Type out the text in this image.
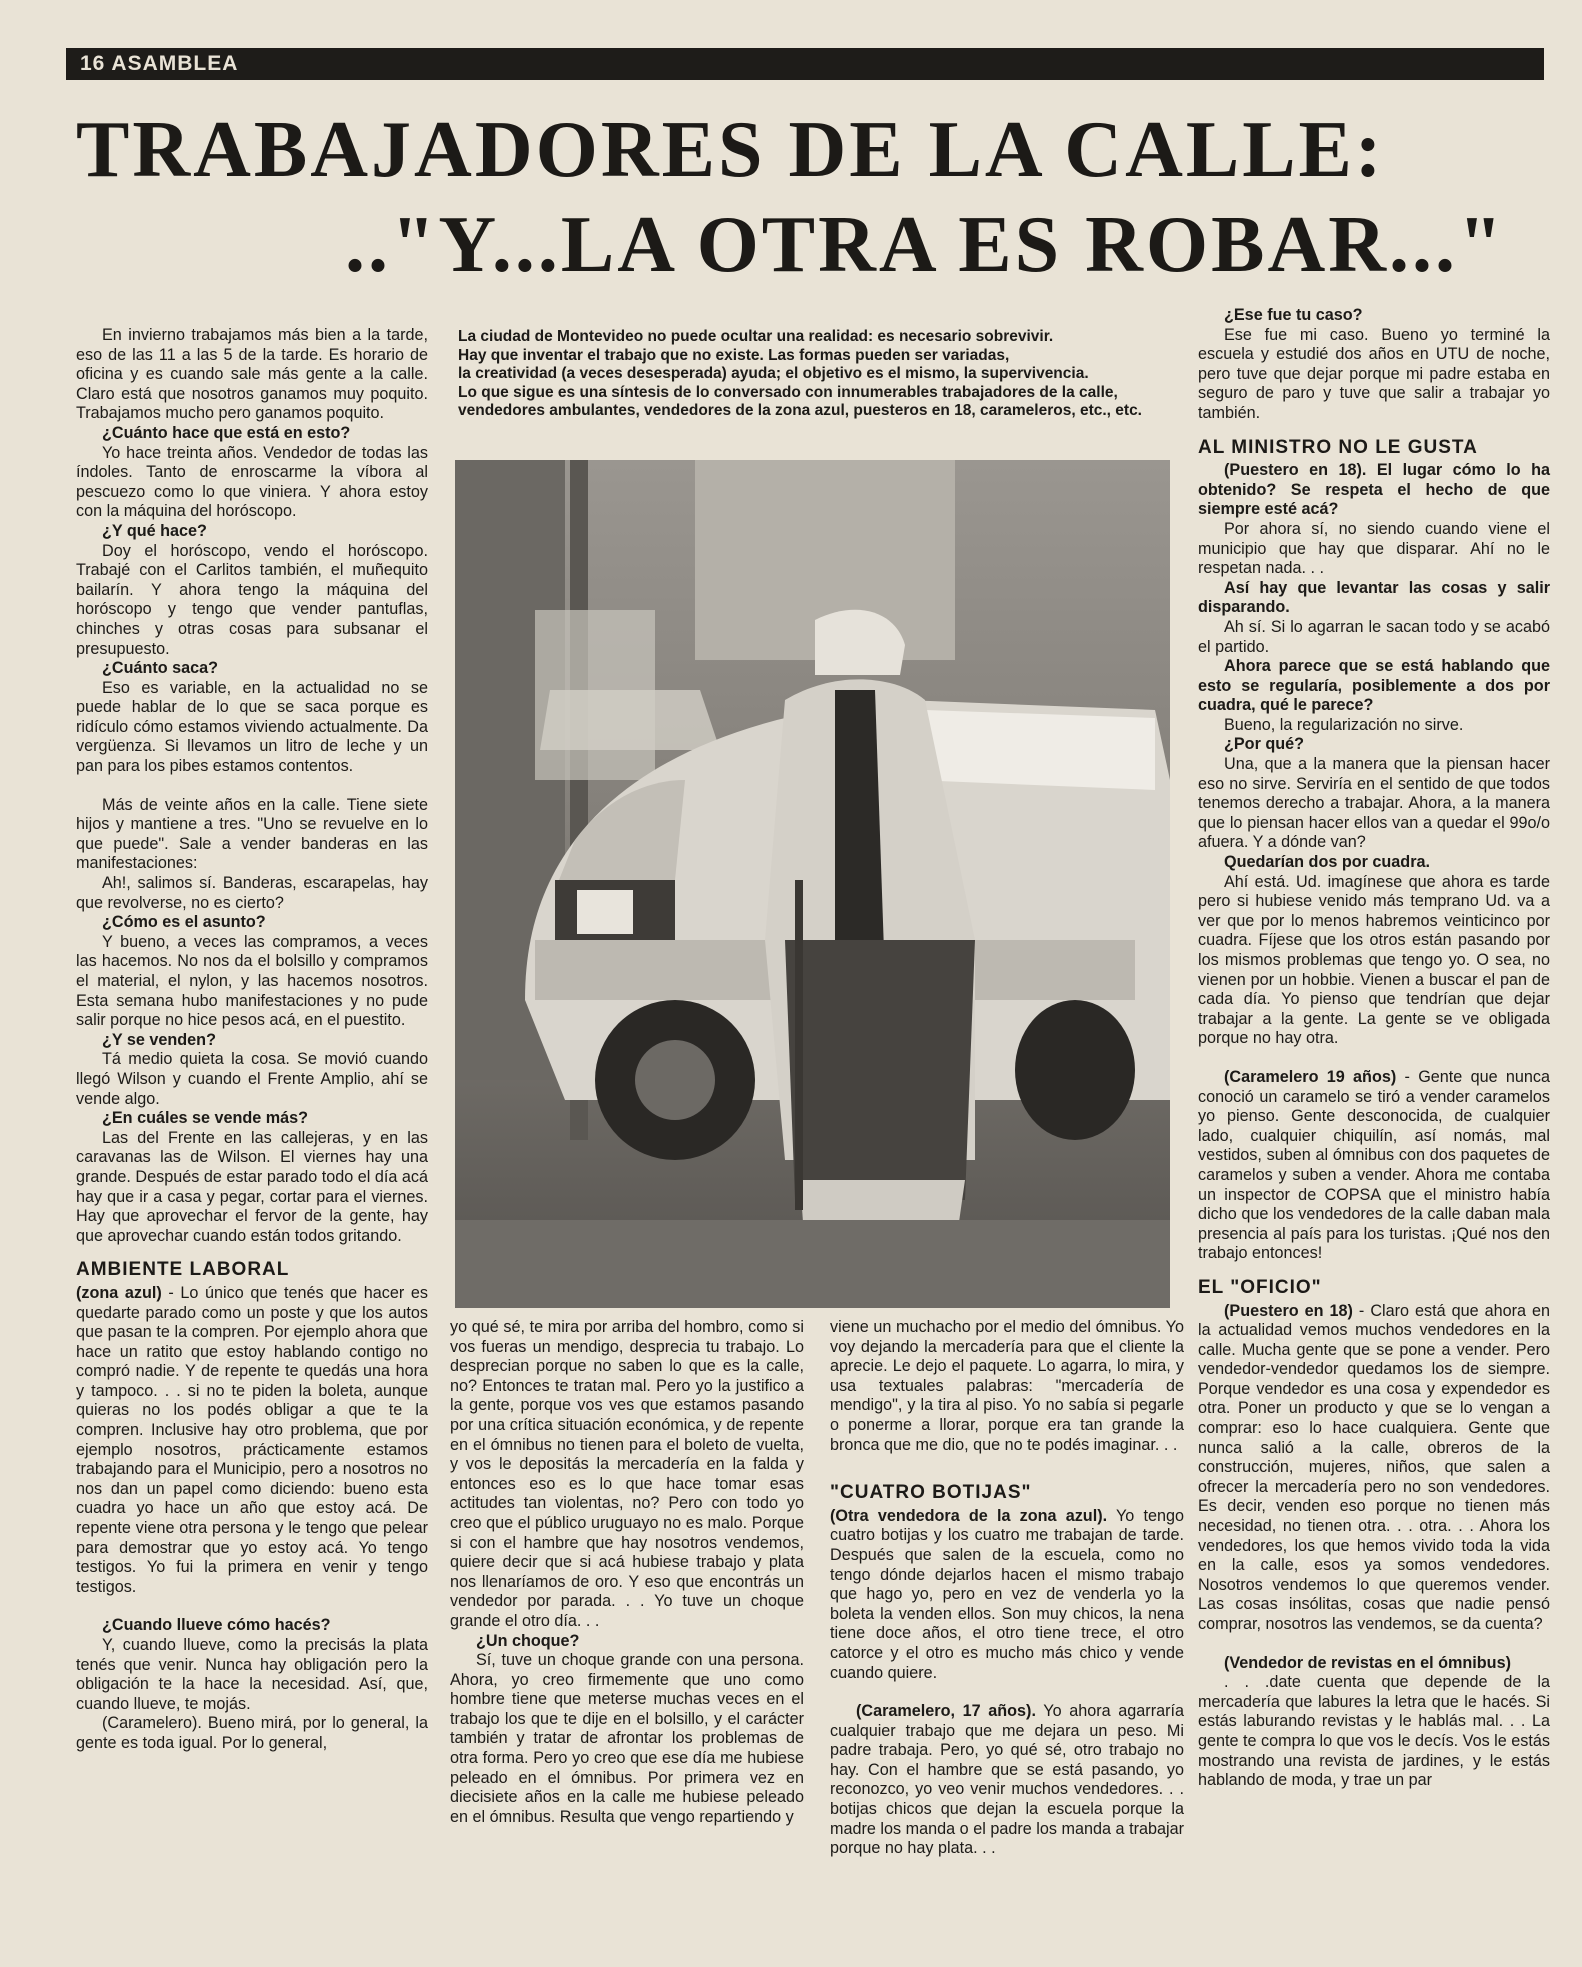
16 ASAMBLEA
TRABAJADORES DE LA CALLE:
.."Y...LA OTRA ES ROBAR..."

La ciudad de Montevideo no puede ocultar una realidad: es necesario sobrevivir.

Hay que inventar el trabajo que no existe. Las formas pueden ser variadas,

la creatividad (a veces desesperada) ayuda; el objetivo es el mismo, la supervivencia.

Lo que sigue es una síntesis de lo conversado con innumerables trabajadores de la calle, vendedores ambulantes, vendedores de la zona azul, puesteros en 18, carameleros, etc., etc.

En invierno trabajamos más bien a la tarde, eso de las 11 a las 5 de la tarde. Es horario de oficina y es cuando sale más gente a la calle. Claro está que nosotros ganamos muy poquito. Trabajamos mucho pero ganamos poquito.

¿Cuánto hace que está en esto?

Yo hace treinta años. Vendedor de todas las índoles. Tanto de enroscarme la víbora al pescuezo como lo que viniera. Y ahora estoy con la máquina del horóscopo.

¿Y qué hace?

Doy el horóscopo, vendo el horóscopo. Trabajé con el Carlitos también, el muñequito bailarín. Y ahora tengo la máquina del horóscopo y tengo que vender pantuflas, chinches y otras cosas para subsanar el presupuesto.

¿Cuánto saca?

Eso es variable, en la actualidad no se puede hablar de lo que se saca porque es ridículo cómo estamos viviendo actualmente. Da vergüenza. Si llevamos un litro de leche y un pan para los pibes estamos contentos.

Más de veinte años en la calle. Tiene siete hijos y mantiene a tres. "Uno se revuelve en lo que puede". Sale a vender banderas en las manifestaciones:

Ah!, salimos sí. Banderas, escarapelas, hay que revolverse, no es cierto?

¿Cómo es el asunto?

Y bueno, a veces las compramos, a veces las hacemos. No nos da el bolsillo y compramos el material, el nylon, y las hacemos nosotros. Esta semana hubo manifestaciones y no pude salir porque no hice pesos acá, en el puestito.

¿Y se venden?

Tá medio quieta la cosa. Se movió cuando llegó Wilson y cuando el Frente Amplio, ahí se vende algo.

¿En cuáles se vende más?

Las del Frente en las callejeras, y en las caravanas las de Wilson. El viernes hay una grande. Después de estar parado todo el día acá hay que ir a casa y pegar, cortar para el viernes. Hay que aprovechar el fervor de la gente, hay que aprovechar cuando están todos gritando.

AMBIENTE LABORAL

(zona azul) - Lo único que tenés que hacer es quedarte parado como un poste y que los autos que pasan te la compren. Por ejemplo ahora que hace un ratito que estoy hablando contigo no compró nadie. Y de repente te quedás una hora y tampoco. . . si no te piden la boleta, aunque quieras no los podés obligar a que te la compren. Inclusive hay otro problema, que por ejemplo nosotros, prácticamente estamos trabajando para el Municipio, pero a nosotros no nos dan un papel como diciendo: bueno esta cuadra yo hace un año que estoy acá. De repente viene otra persona y le tengo que pelear para demostrar que yo estoy acá. Yo tengo testigos. Yo fui la primera en venir y tengo testigos.

¿Cuando llueve cómo hacés?

Y, cuando llueve, como la precisás la plata tenés que venir. Nunca hay obligación pero la obligación te la hace la necesidad. Así, que, cuando llueve, te mojás.

(Caramelero). Bueno mirá, por lo general, la gente es toda igual. Por lo general,

yo qué sé, te mira por arriba del hombro, como si vos fueras un mendigo, desprecia tu trabajo. Lo desprecian porque no saben lo que es la calle, no? Entonces te tratan mal. Pero yo la justifico a la gente, porque vos ves que estamos pasando por una crítica situación económica, y de repente en el ómnibus no tienen para el boleto de vuelta, y vos le depositás la mercadería en la falda y entonces eso es lo que hace tomar esas actitudes tan violentas, no? Pero con todo yo creo que el público uruguayo no es malo. Porque si con el hambre que hay nosotros vendemos, quiere decir que si acá hubiese trabajo y plata nos llenaríamos de oro. Y eso que encontrás un vendedor por parada. . . Yo tuve un choque grande el otro día. . .

¿Un choque?

Sí, tuve un choque grande con una persona. Ahora, yo creo firmemente que uno como hombre tiene que meterse muchas veces en el trabajo los que te dije en el bolsillo, y el carácter también y tratar de afrontar los problemas de otra forma. Pero yo creo que ese día me hubiese peleado en el ómnibus. Por primera vez en diecisiete años en la calle me hubiese peleado en el ómnibus. Resulta que vengo repartiendo y

viene un muchacho por el medio del ómnibus. Yo voy dejando la mercadería para que el cliente la aprecie. Le dejo el paquete. Lo agarra, lo mira, y usa textuales palabras: "mercadería de mendigo", y la tira al piso. Yo no sabía si pegarle o ponerme a llorar, porque era tan grande la bronca que me dio, que no te podés imaginar. . .

"CUATRO BOTIJAS"

(Otra vendedora de la zona azul). Yo tengo cuatro botijas y los cuatro me trabajan de tarde. Después que salen de la escuela, como no tengo dónde dejarlos hacen el mismo trabajo que hago yo, pero en vez de venderla yo la boleta la venden ellos. Son muy chicos, la nena tiene doce años, el otro tiene trece, el otro catorce y el otro es mucho más chico y vende cuando quiere.

(Caramelero, 17 años). Yo ahora agarraría cualquier trabajo que me dejara un peso. Mi padre trabaja. Pero, yo qué sé, otro trabajo no hay. Con el hambre que se está pasando, yo reconozco, yo veo venir muchos vendedores. . . botijas chicos que dejan la escuela porque la madre los manda o el padre los manda a trabajar porque no hay plata. . .

¿Ese fue tu caso?

Ese fue mi caso. Bueno yo terminé la escuela y estudié dos años en UTU de noche, pero tuve que dejar porque mi padre estaba en seguro de paro y tuve que salir a trabajar yo también.

AL MINISTRO NO LE GUSTA

(Puestero en 18). El lugar cómo lo ha obtenido? Se respeta el hecho de que siempre esté acá?

Por ahora sí, no siendo cuando viene el municipio que hay que disparar. Ahí no le respetan nada. . .

Así hay que levantar las cosas y salir disparando.

Ah sí. Si lo agarran le sacan todo y se acabó el partido.

Ahora parece que se está hablando que esto se regularía, posiblemente a dos por cuadra, qué le parece?

Bueno, la regularización no sirve.

¿Por qué?

Una, que a la manera que la piensan hacer eso no sirve. Serviría en el sentido de que todos tenemos derecho a trabajar. Ahora, a la manera que lo piensan hacer ellos van a quedar el 99o/o afuera. Y a dónde van?

Quedarían dos por cuadra.

Ahí está. Ud. imagínese que ahora es tarde pero si hubiese venido más temprano Ud. va a ver que por lo menos habremos veinticinco por cuadra. Fíjese que los otros están pasando por los mismos problemas que tengo yo. O sea, no vienen por un hobbie. Vienen a buscar el pan de cada día. Yo pienso que tendrían que dejar trabajar a la gente. La gente se ve obligada porque no hay otra.

(Caramelero 19 años) - Gente que nunca conoció un caramelo se tiró a vender caramelos yo pienso. Gente desconocida, de cualquier lado, cualquier chiquilín, así nomás, mal vestidos, suben al ómnibus con dos paquetes de caramelos y suben a vender. Ahora me contaba un inspector de COPSA que el ministro había dicho que los vendedores de la calle daban mala presencia al país para los turistas. ¡Qué nos den trabajo entonces!

EL "OFICIO"

(Puestero en 18) - Claro está que ahora en la actualidad vemos muchos vendedores en la calle. Mucha gente que se pone a vender. Pero vendedor-vendedor quedamos los de siempre. Porque vendedor es una cosa y expendedor es otra. Poner un producto y que se lo vengan a comprar: eso lo hace cualquiera. Gente que nunca salió a la calle, obreros de la construcción, mujeres, niños, que salen a ofrecer la mercadería pero no son vendedores. Es decir, venden eso porque no tienen más necesidad, no tienen otra. . . otra. . . Ahora los vendedores, los que hemos vivido toda la vida en la calle, esos ya somos vendedores. Nosotros vendemos lo que queremos vender. Las cosas insólitas, cosas que nadie pensó comprar, nosotros las vendemos, se da cuenta?

(Vendedor de revistas en el ómnibus)

. . .date cuenta que depende de la mercadería que labures la letra que le hacés. Si estás laburando revistas y le hablás mal. . . La gente te compra lo que vos le decís. Vos le estás mostrando una revista de jardines, y le estás hablando de moda, y trae un par
